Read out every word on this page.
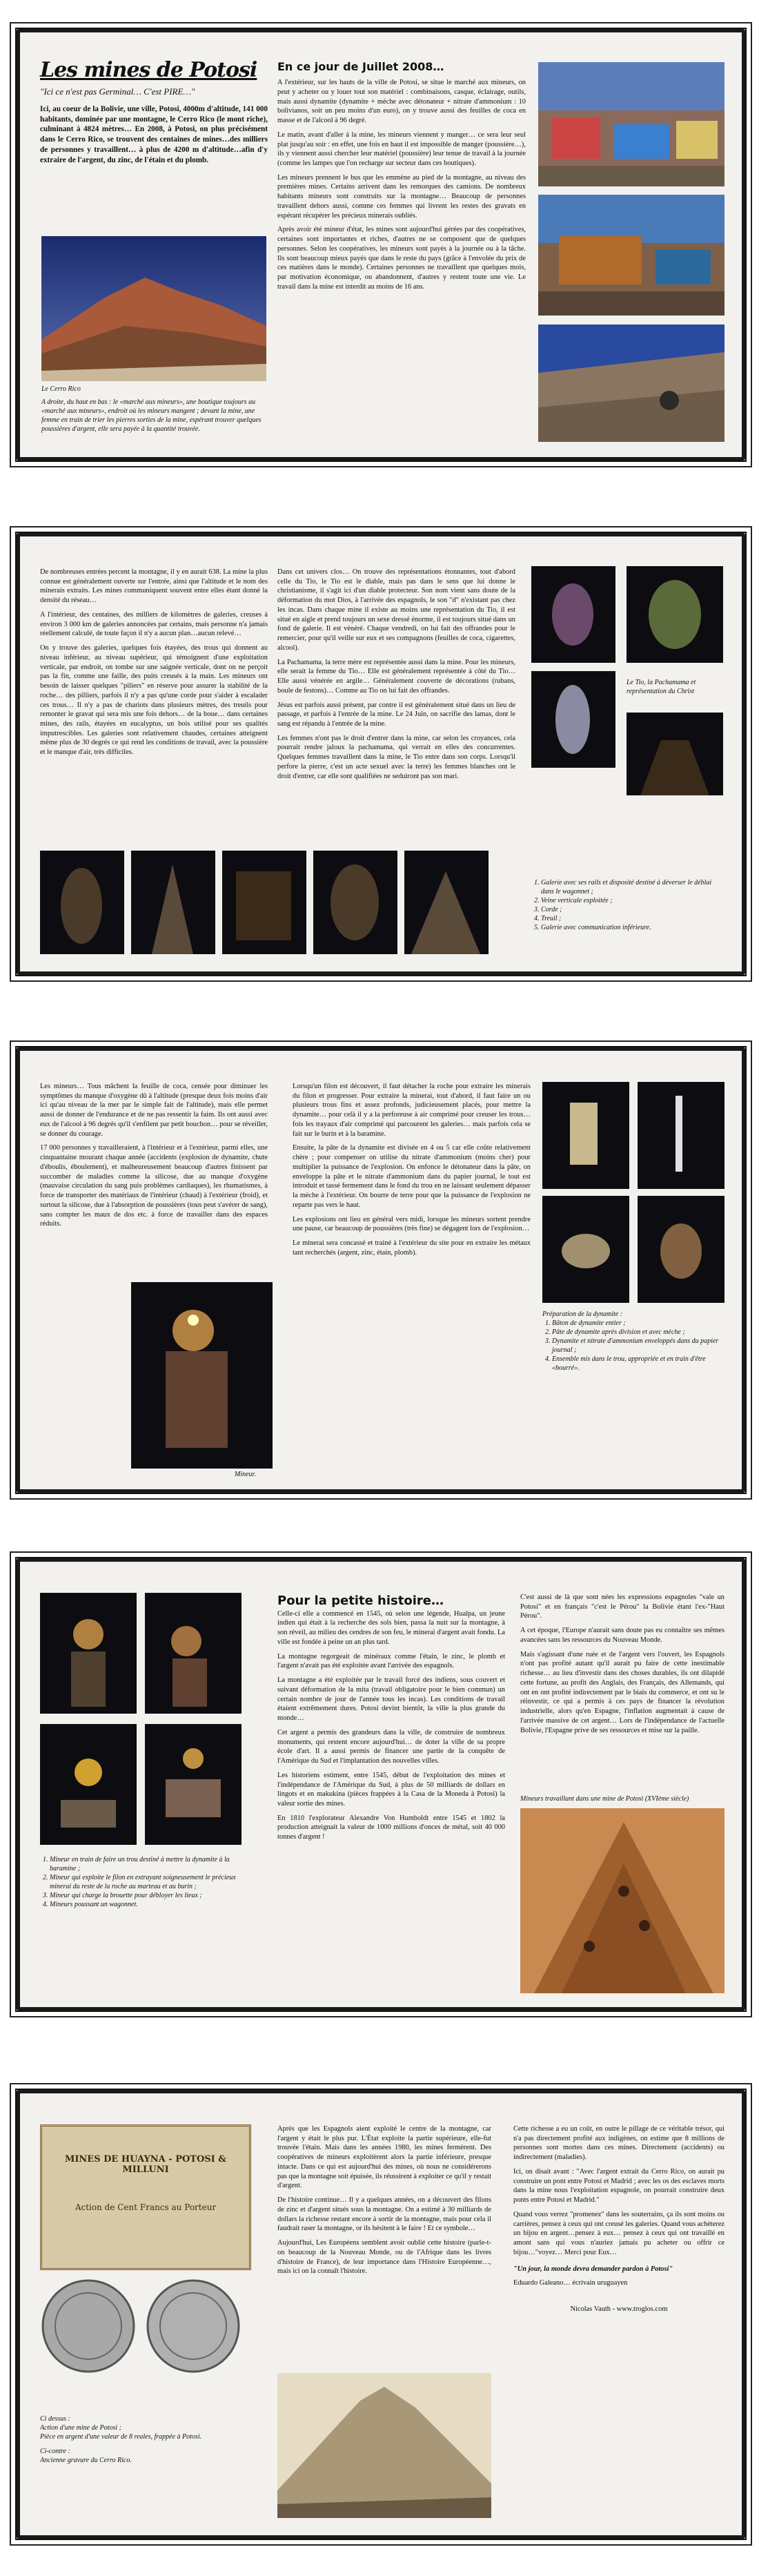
Les mines de Potosi
"Ici ce n'est pas Germinal… C'est PIRE…"

Ici, au coeur de la Bolivie, une ville, Potosi, 4000m d'altitude, 141 000 habitants, dominée par une montagne, le Cerro Rico (le mont riche), culminant à 4824 mètres… En 2008, à Potosi, on plus précisément dans le Cerro Rico, se trouvent des centaines de mines…des milliers de personnes y travaillent… à plus de 4200 m d'altitude…afin d'y extraire de l'argent, du zinc, de l'étain et du plomb.

Le Cerro Rico

A droite, du haut en bas : le «marché aux mineurs», une boutique toujours au «marché aux mineurs», endroit où les mineurs mangent ; devant la mine, une femme en train de trier les pierres sorties de la mine, espérant trouver quelques poussières d'argent, elle sera payée à la quantité trouvée.

En ce jour de Juillet 2008…

A l'extérieur, sur les hauts de la ville de Potosí, se situe le marché aux mineurs, on peut y acheter ou y louer tout son matériel : combinaisons, casque, éclairage, outils, mais aussi dynamite (dynamite + mèche avec détonateur + nitrate d'ammonium : 10 bolivianos, soit un peu moins d'un euro), on y trouve aussi des feuilles de coca en masse et de l'alcool à 96 degré.

Le matin, avant d'aller à la mine, les mineurs viennent y manger… ce sera leur seul plat jusqu'au soir : en effet, une fois en haut il est impossible de manger (poussière…), ils y viennent aussi chercher leur matériel (poussière) leur tenue de travail à la journée (comme les lampes que l'on recharge sur secteur dans ces boutiques).

Les mineurs prennent le bus que les emmène au pied de la montagne, au niveau des premières mines. Certains arrivent dans les remorques des camions. De nombreux habitants mineurs sont construits sur la montagne… Beaucoup de personnes travaillent dehors aussi, comme ces femmes qui livrent les restes des gravats en espérant récupérer les précieux minerais oubliés.

Après avoir été mineur d'état, les mines sont aujourd'hui gérées par des coopératives, certaines sont importantes et riches, d'autres ne se composent que de quelques personnes. Selon les coopératives, les mineurs sont payés à la journée ou à la tâche. Ils sont beaucoup mieux payés que dans le reste du pays (grâce à l'envolée du prix de ces matières dans le monde). Certaines personnes ne travaillent que quelques mois, par motivation économique, ou abandonnent, d'autres y restent toute une vie. Le travail dans la mine est interdit au moins de 16 ans.

De nombreuses entrées percent la montagne, il y en aurait 638. La mine la plus connue est généralement ouverte sur l'entrée, ainsi que l'altitude et le nom des minerais extraits. Les mines communiquent souvent entre elles étant donné la densité du réseau…

A l'intérieur, des centaines, des milliers de kilomètres de galeries, creuses à environ 3 000 km de galeries annoncées par certains, mais personne n'a jamais réellement calculé, de toute façon il n'y a aucun plan…aucun relevé…

On y trouve des galeries, quelques fois étayées, des trous qui donnent au niveau inférieur, au niveau supérieur, qui témoignent d'une exploitation verticale, par endroit, on tombe sur une saignée verticale, dont on ne perçoit pas la fin, comme une faille, des puits creusés à la main. Les mineurs ont besoin de laisser quelques "piliers" en réserve pour assurer la stabilité de la roche… des pilliers, parfois il n'y a pas qu'une corde pour s'aider à escalader ces trous… Il n'y a pas de chariots dans plusieurs mètres, des treuils pour remonter le gravat qui sera mis une fois dehors… de la boue… dans certaines mines, des rails, étayées en eucalyptus, un bois utilisé pour ses qualités imputrescibles. Les galeries sont relativement chaudes, certaines atteignent même plus de 30 degrés ce qui rend les conditions de travail, avec la poussière et le manque d'air, très difficiles.

Dans cet univers clos… On trouve des représentations étonnantes, tout d'abord celle du Tio, le Tio est le diable, mais pas dans le sens que lui donne le christianisme, il s'agit ici d'un diable protecteur. Son nom vient sans doute de la déformation du mot Dios, à l'arrivée des espagnols, le son "d" n'existant pas chez les incas. Dans chaque mine il existe au moins une représentation du Tio, il est situé en aigle et prend toujours un sexe dressé énorme, il est toujours situé dans un fond de galerie. Il est vénéré. Chaque vendredi, on lui fait des offrandes pour le remercier, pour qu'il veille sur eux et ses compagnons (feuilles de coca, cigarettes, alcool).

La Pachamama, la terre mère est représentée aussi dans la mine. Pour les mineurs, elle serait la femme du Tio… Elle est généralement représentée à côté du Tio… Elle aussi vénérée en argile… Généralement couverte de décorations (rubans, boule de festons)… Comme au Tio on lui fait des offrandes.

Jésus est parfois aussi présent, par contre il est généralement situé dans un lieu de passage, et parfois à l'entrée de la mine. Le 24 Juin, on sacrifie des lamas, dont le sang est répandu à l'entrée de la mine.

Les femmes n'ont pas le droit d'entrer dans la mine, car selon les croyances, cela pourrait rendre jaloux la pachamama, qui verrait en elles des concurrentes. Quelques femmes travaillent dans la mine, le Tio entre dans son corps. Lorsqu'il perfore la pierre, c'est un acte sexuel avec la terre) les femmes blanches ont le droit d'entrer, car elle sont qualifiées ne seduiront pas son mari.

Le Tio, la Pachamama et représentation du Christ
1. Galerie avec ses rails et disposité destiné à déverser le déblai dans le wagonnet ;
2. Veine verticale exploitée ;
3. Corde ;
4. Treuil ;
5. Galerie avec communication inférieure.

Les mineurs… Tous mâchent la feuille de coca, censée pour diminuer les symptômes du manque d'oxygène dû à l'altitude (presque deux fois moins d'air ici qu'au niveau de la mer par le simple fait de l'altitude), mais elle permet aussi de donner de l'endurance et de ne pas ressentir la faim. Ils ont aussi avec eux de l'alcool à 96 degrés qu'il s'enfilent par petit bouchon… pour se réveiller, se donner du courage.

17 000 personnes y travailleraient, à l'intérieur et à l'extérieur, parmi elles, une cinquantaine mourant chaque année (accidents (explosion de dynamite, chute d'éboulis, éboulement), et malheureusement beaucoup d'autres finissent par succomber de maladies comme la silicose, due au manque d'oxygène (mauvaise circulation du sang puis problèmes cardiaques), les rhumatismes, à force de transporter des matériaux de l'intérieur (chaud) à l'extérieur (froid), et surtout la silicose, due à l'absorption de poussières (tous peut s'avérer de sang), sans compter les maux de dos etc. à force de travailler dans des espaces réduits.

Mineur.

Lorsqu'un filon est découvert, il faut détacher la roche pour extraire les minerais du filon et progresser. Pour extraire la minerai, tout d'abord, il faut faire un ou plusieurs trous fins et assez profonds, judicieusement placés, pour mettre la dynamite… pour celà il y a la perforeuse à air comprimé pour creuser les trous…fois les trayaux d'air comprimé qui parcourent les galeries… mais parfois cela se fait sur le burin et à la baramine.

Ensuite, la pâte de la dynamite est divisée en 4 ou 5 car elle coûte relativement chère ; pour compenser on utilise du nitrate d'ammonium (moins cher) pour multiplier la puissance de l'explosion. On enfonce le détonateur dans la pâte, on enveloppe la pâte et le nitrate d'ammonium dans du papier journal, le tout est introduit et tassé fermement dans le fond du trou en ne laissant seulement dépasser la mèche à l'extérieur. On bourre de terre pour que la puissance de l'explosion ne reparte pas vers le haut.

Les explosions ont lieu en général vers midi, lorsque les mineurs sortent prendre une pause, car beaucoup de poussières (très fine) se dégagent lors de l'explosion…

Le minerai sera concassé et trainé à l'extérieur du site pour en extraire les métaux tant recherchés (argent, zinc, étain, plomb).

Préparation de la dynamite :

1. Bâton de dynamite entier ;
2. Pâte de dynamite après division et avec mèche ;
3. Dynamite et nitrate d'ammonium enveloppés dans du papier journal ;
4. Ensemble mis dans le trou, appropriée et en train d'être «bourré».
1. Mineur en train de faire un trou destiné à mettre la dynamite à la baramine ;
2. Mineur qui exploite le filon en extrayant soigneusement le précieux minerai du reste de la roche au marteau et au burin ;
3. Mineur qui charge la brouette pour débloyer les lieux ;
4. Mineurs poussant un wagonnet.
Pour la petite histoire…

Celle-ci elle a commencé en 1545, où selon une légende, Hualpa, un jeune indien qui était à la recherche des sols bien, passa la nuit sur la montagne, à son réveil, au milieu des cendres de son feu, le minerai d'argent avait fondu. La ville est fondée à peine un an plus tard.

La montagne regorgeait de minéraux comme l'étain, le zinc, le plomb et l'argent n'avait pas été exploitée avant l'arrivée des espagnols.

La montagne a été exploitée par le travail forcé des indiens, sous couvert et suivant déformation de la mita (travail obligatoire pour le bien commun) un certain nombre de jour de l'année tous les incas). Les conditions de travail étaient extrêmement dures. Potosí devint bientôt, la ville la plus grande du monde…

Cet argent a permis des grandeurs dans la ville, de construire de nombreux monuments, qui restent encore aujourd'hui… de doter la ville de sa propre école d'art. Il a aussi permis de financer une partie de la conquête de l'Amérique du Sud et l'implantation des nouvelles villes.

Les historiens estiment, entre 1545, début de l'exploitation des mines et l'indépendance de l'Amérique du Sud, à plus de 50 milliards de dollars en lingots et en makukina (pièces frappées à la Casa de la Moneda à Potosi) la valeur sortie des mines.

En 1810 l'explorateur Alexandre Von Humboldt entre 1545 et 1802 la production atteignait la valeur de 1000 millions d'onces de métal, soit 40 000 tonnes d'argent !

C'est aussi de là que sont nées les expressions espagnoles "vale un Potosí" et en français "c'est le Pérou" la Bolivie étant l'ex-"Haut Pérou".

A cet époque, l'Europe n'aurait sans doute pas eu connaître ses mêmes avancées sans les ressources du Nouveau Monde.

Mais s'agissant d'une ruée et de l'argent vers l'ouvert, les Espagnols n'ont pas profité autant qu'il aurait pu faire de cette inestimable richesse… au lieu d'investir dans des choses durables, ils ont dilapidé cette fortune, au profit des Anglais, des Français, des Allemands, qui ont en ont profité indirectement par le biais du commerce, et ont su le réinvestir, ce qui a permis à ces pays de financer la révolution industrielle, alors qu'en Espagne, l'inflation augmentait à cause de l'arrivée massive de cet argent… Lors de l'indépendance de l'actuelle Bolivie, l'Espagne prive de ses ressources et mise sur la paille.

Mineurs travaillant dans une mine de Potosi (XVIème siècle)
MINES DE HUAYNA - POTOSI & MILLUNI
Action de Cent Francs au Porteur

Ci dessus :

Action d'une mine de Potosi ;

Pièce en argent d'une valeur de 8 reales, frappée à Potosi.

Ci-contre :

Ancienne gravure du Cerro Rico.

Après que les Espagnols aient exploité le centre de la montagne, car l'argent y était le plus pur. L'État exploite la partie supérieure, elle-fut trouvée l'étain. Mais dans les années 1980, les mines fermèrent. Des coopératives de mineurs exploitèrent alors la partie inférieure, presque intacte. Dans ce qui est aujourd'hui des mines, où nous ne considérerons pas que la montagne soit épuisée, ils réussirent à exploiter ce qu'il y restait d'argent.

De l'histoire continue… Il y a quelques années, on a découvert des filons de zinc et d'argent situés sous la montagne. On a estimé à 30 milliards de dollars la richesse restant encore à sortir de la montagne, mais pour cela il faudrait raser la montagne, or ils hésitent à le faire ! Et ce symbole…

Aujourd'hui, Les Européens semblent avoir oublié cette histoire (parle-t-on beaucoup de la Nouveau Monde, ou de l'Afrique dans les livres d'histoire de France), de leur importance dans l'Histoire Européenne…, mais ici on la connaît l'histoire.

Cette richesse a eu un coût, en outre le pillage de ce véritable trésor, qui n'a pas directement profité aux indigènes, on estime que 8 millions de personnes sont mortes dans ces mines. Directement (accidents) ou indirectement (maladies).

Ici, on disait avant : "Avec l'argent extrait du Cerro Rico, on aurait pu construire un pont entre Potosí et Madrid ; avec les os des esclaves morts dans la mine nous l'exploitation espagnole, on pourrait construire deux ponts entre Potosí et Madrid."

Quand vous verrez "promenez" dans les souterrains, ça ils sont moins ou carrières, pensez à ceux qui ont creusé les galeries. Quand vous achèterez un bijou en argent…pensez à eux… pensez à ceux qui ont travaillé en amont sans qui vous n'auriez jamais pu acheter ou offrir ce bijou…"voyez… Merci pour Eux…

"Un jour, la monde devra demander pardon à Potosí"

Eduardo Galeano… écrivain uruguayen

Nicolas Vauth - www.troglos.com
